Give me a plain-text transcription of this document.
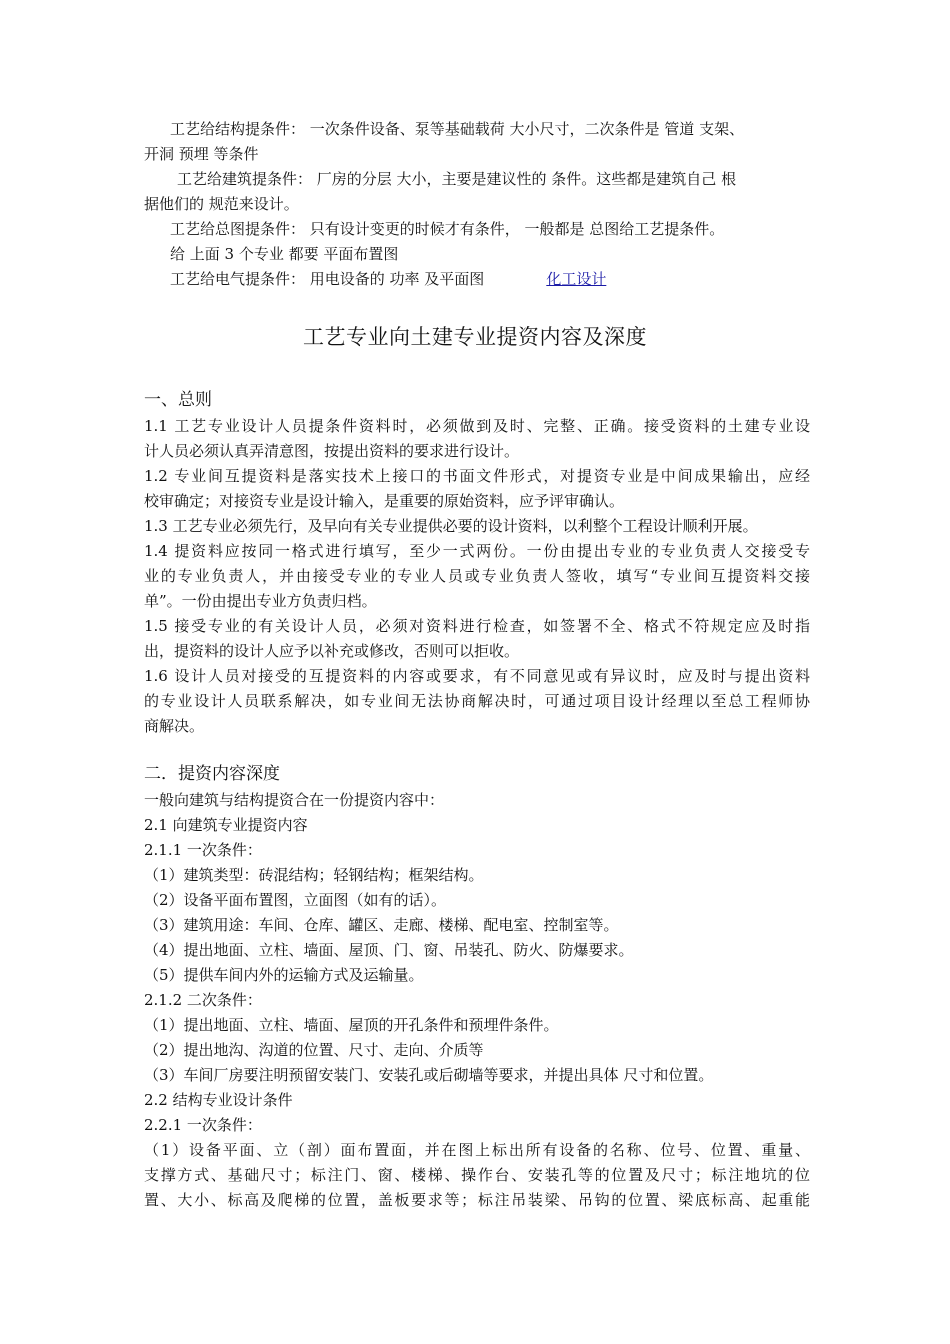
工艺给结构提条件： 一次条件设备、泵等基础载荷 大小尺寸，二次条件是 管道 支架、
开洞 预埋 等条件
工艺给建筑提条件： 厂房的分层 大小，主要是建议性的 条件。这些都是建筑自己 根
据他们的 规范来设计。
工艺给总图提条件： 只有设计变更的时候才有条件， 一般都是 总图给工艺提条件。
给 上面 3 个专业 都要 平面布置图
工艺给电气提条件： 用电设备的 功率 及平面图	化工设计
工艺专业向土建专业提资内容及深度
一、总则
1.1 工艺专业设计人员提条件资料时，必须做到及时、完整、正确。接受资料的土建专业设
计人员必须认真弄清意图，按提出资料的要求进行设计。
1.2 专业间互提资料是落实技术上接口的书面文件形式，对提资专业是中间成果输出，应经
校审确定；对接资专业是设计输入，是重要的原始资料，应予评审确认。
1.3 工艺专业必须先行，及早向有关专业提供必要的设计资料，以利整个工程设计顺利开展。
1.4 提资料应按同一格式进行填写，至少一式两份。一份由提出专业的专业负责人交接受专
业的专业负责人，并由接受专业的专业人员或专业负责人签收，填写“专业间互提资料交接
单”。一份由提出专业方负责归档。
1.5 接受专业的有关设计人员，必须对资料进行检查，如签署不全、格式不符规定应及时指
出，提资料的设计人应予以补充或修改，否则可以拒收。
1.6 设计人员对接受的互提资料的内容或要求，有不同意见或有异议时，应及时与提出资料
的专业设计人员联系解决，如专业间无法协商解决时，可通过项目设计经理以至总工程师协
商解决。
二．提资内容深度
一般向建筑与结构提资合在一份提资内容中：
2.1 向建筑专业提资内容
2.1.1 一次条件：
（1）建筑类型：砖混结构；轻钢结构；框架结构。
（2）设备平面布置图，立面图（如有的话）。
（3）建筑用途：车间、仓库、罐区、走廊、楼梯、配电室、控制室等。
（4）提出地面、立柱、墙面、屋顶、门、窗、吊装孔、防火、防爆要求。
（5）提供车间内外的运输方式及运输量。
2.1.2 二次条件：
（1）提出地面、立柱、墙面、屋顶的开孔条件和预埋件条件。
（2）提出地沟、沟道的位置、尺寸、走向、介质等
（3）车间厂房要注明预留安装门、安装孔或后砌墙等要求，并提出具体 尺寸和位置。
2.2 结构专业设计条件
2.2.1 一次条件：
（1）设备平面、立（剖）面布置面，并在图上标出所有设备的名称、位号、位置、重量、
支撑方式、基础尺寸；标注门、窗、楼梯、操作台、安装孔等的位置及尺寸；标注地坑的位
置、大小、标高及爬梯的位置，盖板要求等；标注吊装梁、吊钩的位置、梁底标高、起重能
